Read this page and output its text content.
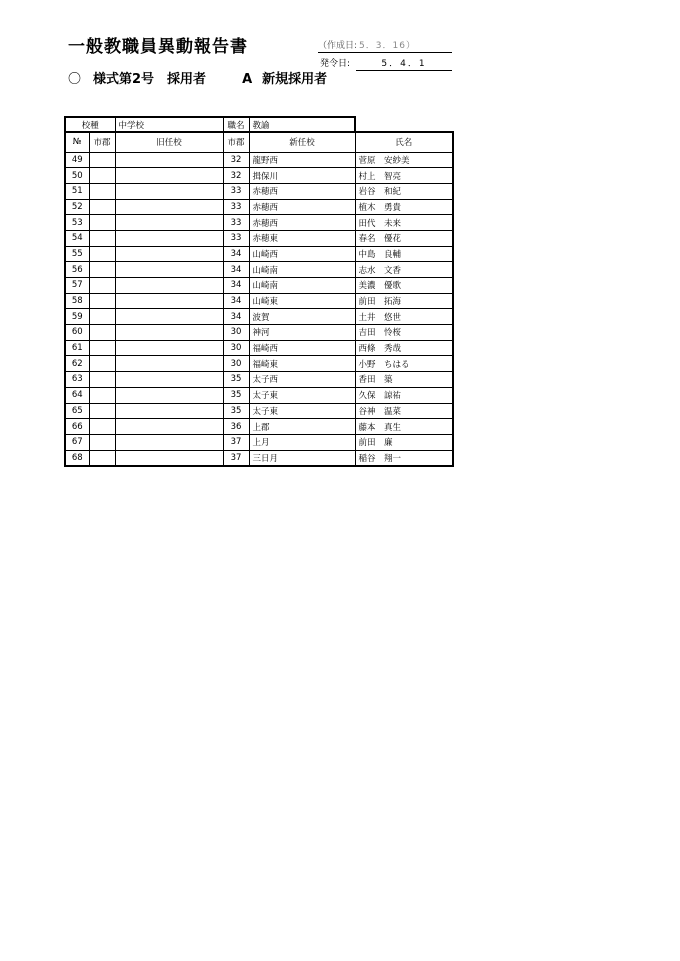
一般教職員異動報告書	（作成日: 5．3．16）
発令日:	5．4．1
〇 様式第2号　採用者	A 新規採用者
校種	中学校	職名	教諭
№	市郡	旧任校	市郡	新任校	氏名
49			32	龍野西	菅原　安紗美
50			32	揖保川	村上　智亮
51			33	赤穂西	岩谷　和紀
52			33	赤穂西	植木　勇貴
53			33	赤穂西	田代　未来
54			33	赤穂東	春名　優花
55			34	山崎西	中島　良輔
56			34	山崎南	志水　文香
57			34	山崎南	美濃　優歌
58			34	山崎東	前田　拓海
59			34	波賀	土井　悠世
60			30	神河	吉田　怜桜
61			30	福崎西	西條　秀哉
62			30	福崎東	小野　ちはる
63			35	太子西	香田　築
64			35	太子東	久保　諒祐
65			35	太子東	谷神　温菜
66			36	上郡	藤本　真生
67			37	上月	前田　廉
68			37	三日月	稲谷　翔一
